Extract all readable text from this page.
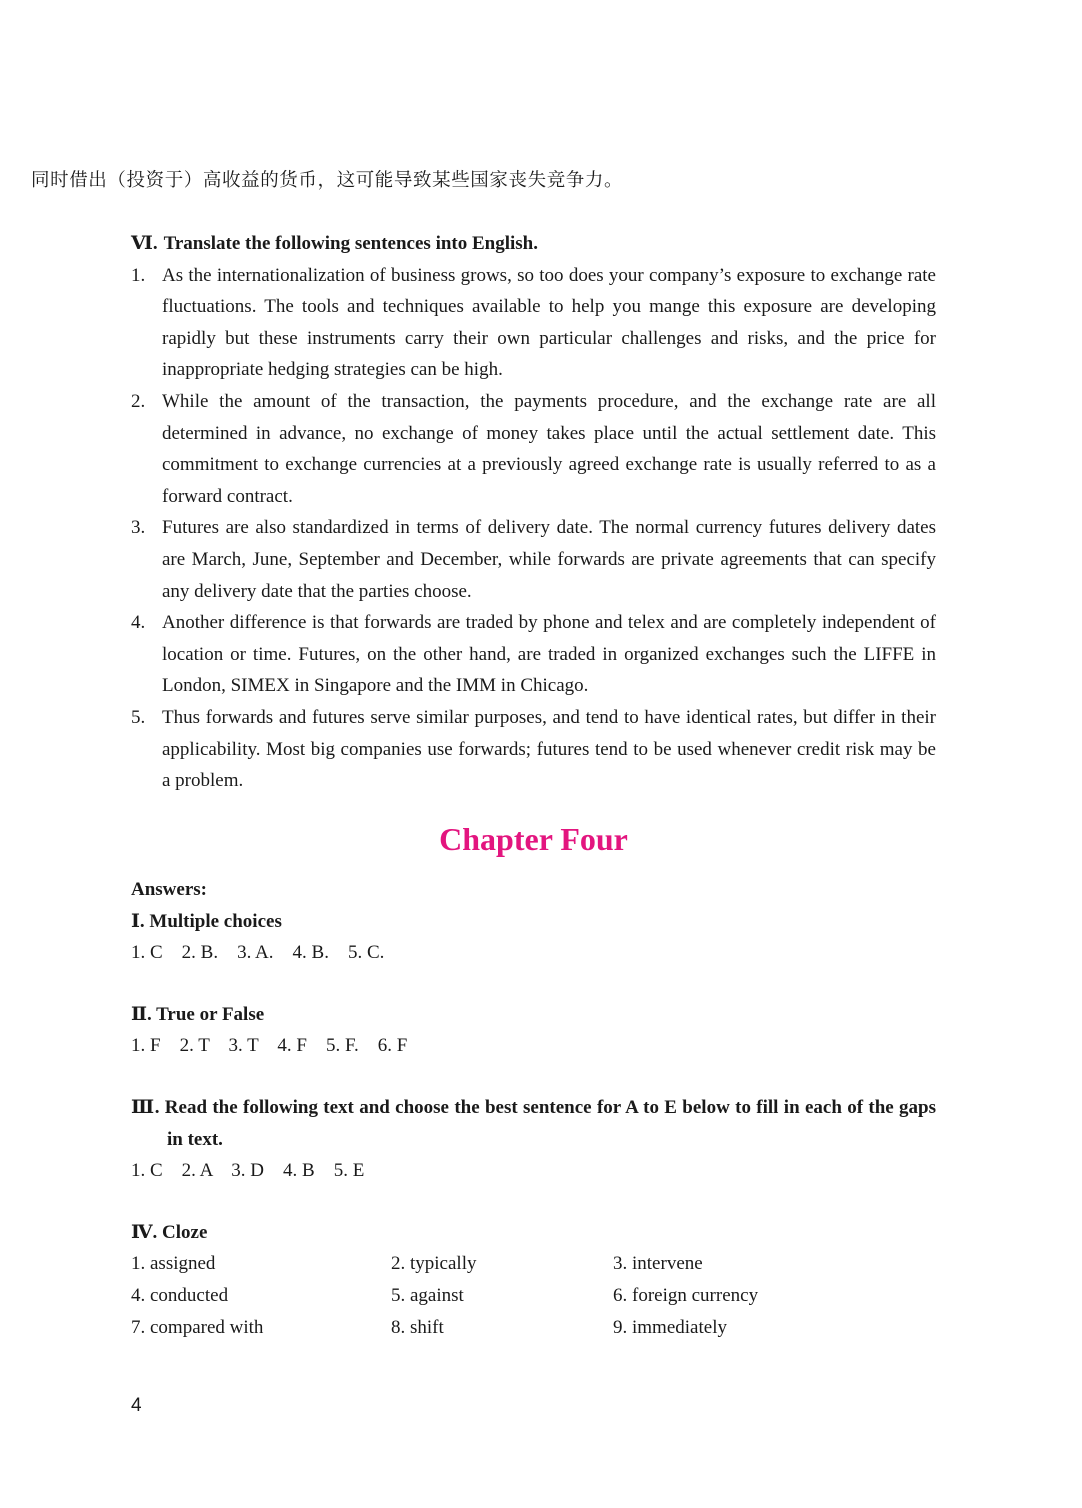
同时借出（投资于）高收益的货币，这可能导致某些国家丧失竞争力。
Ⅵ. Translate the following sentences into English.
1. As the internationalization of business grows, so too does your company’s exposure to exchange rate fluctuations. The tools and techniques available to help you mange this exposure are developing rapidly but these instruments carry their own particular challenges and risks, and the price for inappropriate hedging strategies can be high.
2. While the amount of the transaction, the payments procedure, and the exchange rate are all determined in advance, no exchange of money takes place until the actual settlement date. This commitment to exchange currencies at a previously agreed exchange rate is usually referred to as a forward contract.
3. Futures are also standardized in terms of delivery date. The normal currency futures delivery dates are March, June, September and December, while forwards are private agreements that can specify any delivery date that the parties choose.
4. Another difference is that forwards are traded by phone and telex and are completely independent of location or time. Futures, on the other hand, are traded in organized exchanges such the LIFFE in London, SIMEX in Singapore and the IMM in Chicago.
5. Thus forwards and futures serve similar purposes, and tend to have identical rates, but differ in their applicability. Most big companies use forwards; futures tend to be used whenever credit risk may be a problem.
Chapter Four
Answers:
Ⅰ. Multiple choices
1. C    2. B.    3. A.    4. B.    5. C.
Ⅱ. True or False
1. F    2. T    3. T    4. F    5. F.    6. F
Ⅲ. Read the following text and choose the best sentence for A to E below to fill in each of the gaps in text.
1. C    2. A    3. D    4. B    5. E
Ⅳ. Cloze
1. assigned	2. typically	3. intervene
4. conducted	5. against	6. foreign currency
7. compared with	8. shift	9. immediately
4
